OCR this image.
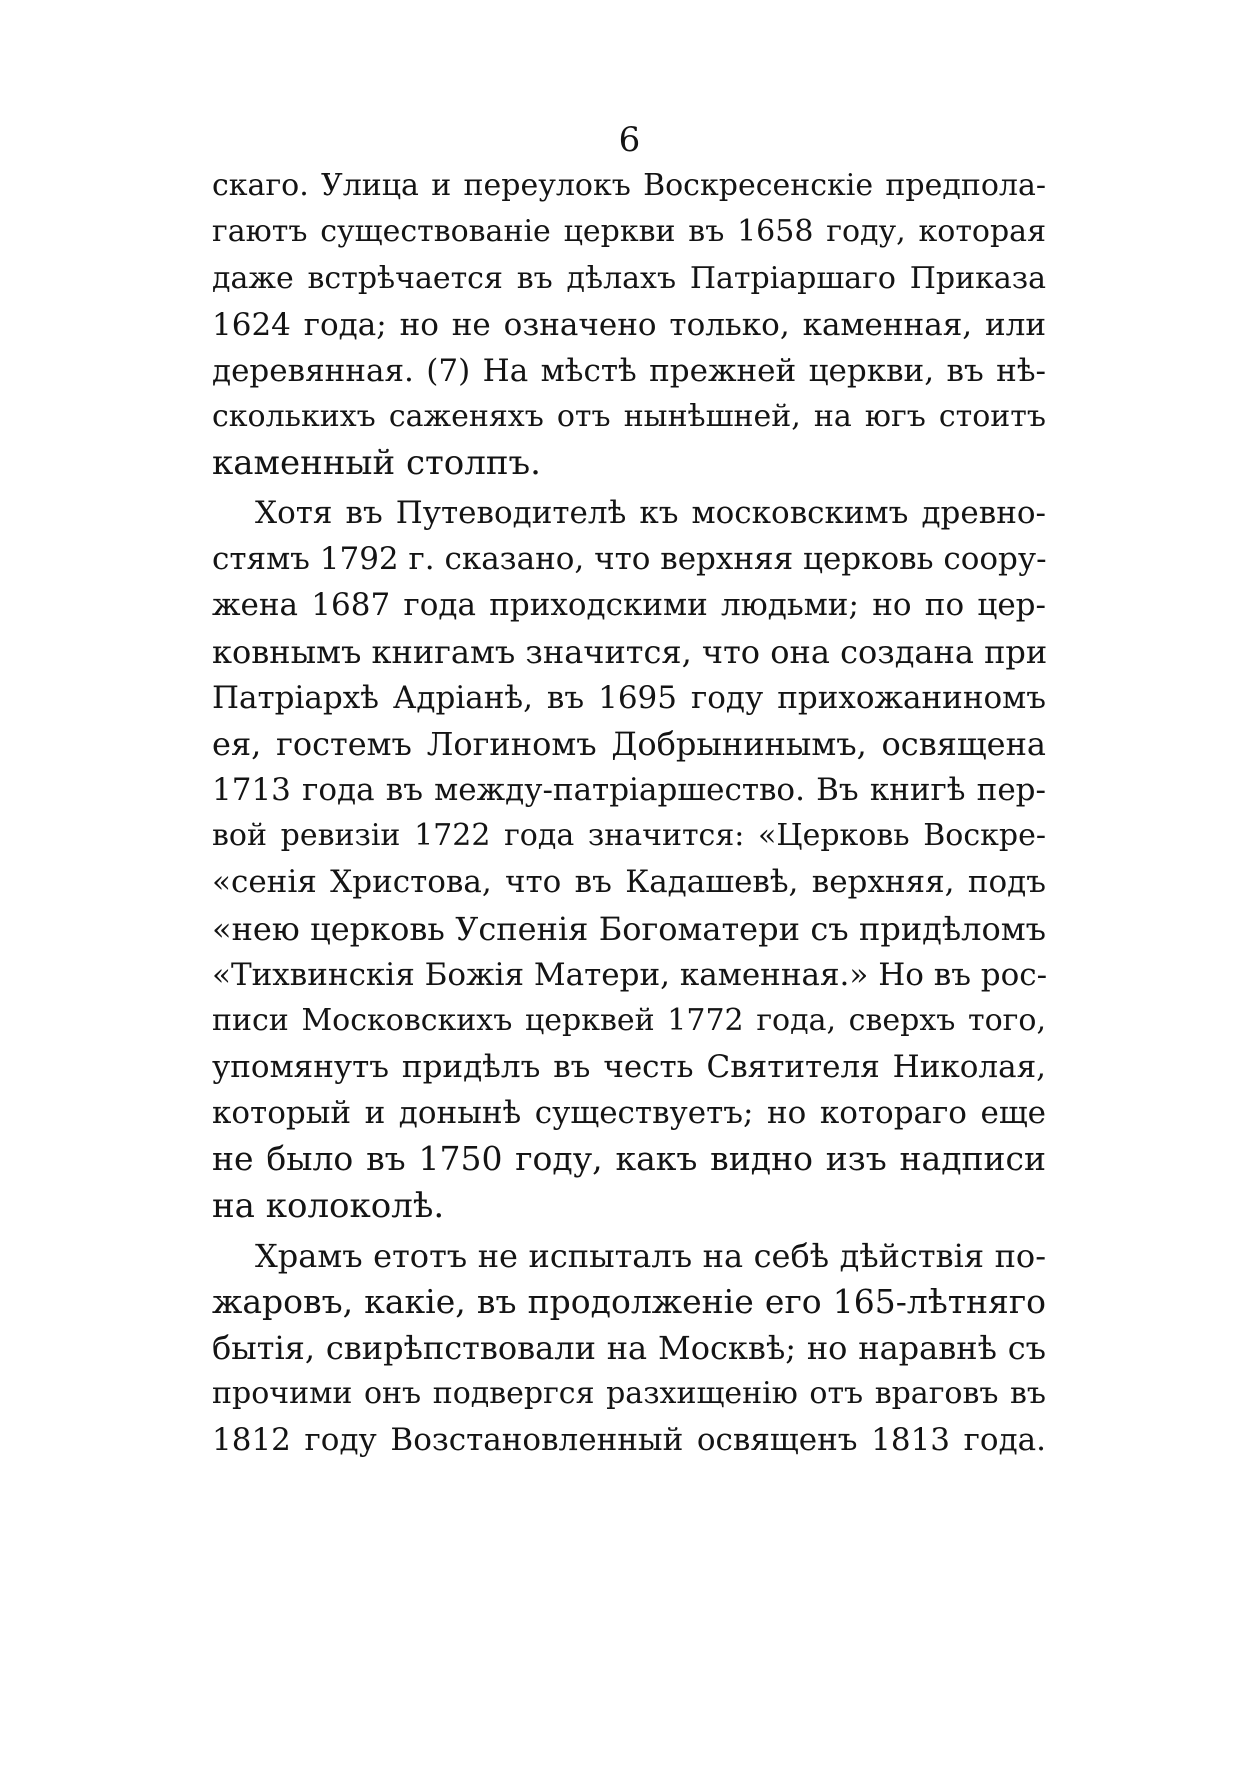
6
скаго. Улица и переулокъ Воскресенскіе предпола-
гаютъ существованіе церкви въ 1658 году, которая
даже встрѣчается въ дѣлахъ Патріаршаго Приказа
1624 года; но не означено только, каменная, или
деревянная. (7) На мѣстѣ прежней церкви, въ нѣ-
сколькихъ саженяхъ отъ нынѣшней, на югъ стоитъ
каменный столпъ.
Хотя въ Путеводителѣ къ московскимъ древно-
стямъ 1792 г. сказано, что верхняя церковь соору-
жена 1687 года приходскими людьми; но по цер-
ковнымъ книгамъ значится, что она создана при
Патріархѣ Адріанѣ, въ 1695 году прихожаниномъ
ея, гостемъ Логиномъ Добрынинымъ, освящена
1713 года въ между-патріаршество. Въ книгѣ пер-
вой ревизіи 1722 года значится: «Церковь Воскре-
«сенія Христова, что въ Кадашевѣ, верхняя, подъ
«нею церковь Успенія Богоматери съ придѣломъ
«Тихвинскія Божія Матери, каменная.» Но въ рос-
писи Московскихъ церквей 1772 года, сверхъ того,
упомянутъ придѣлъ въ честь Святителя Николая,
который и донынѣ существуетъ; но котораго еще
не было въ 1750 году, какъ видно изъ надписи
на колоколѣ.
Храмъ етотъ не испыталъ на себѣ дѣйствія по-
жаровъ, какіе, въ продолженіе его 165-лѣтняго
бытія, свирѣпствовали на Москвѣ; но наравнѣ съ
прочими онъ подвергся разхищенію отъ враговъ въ
1812 году Возстановленный освященъ 1813 года.
